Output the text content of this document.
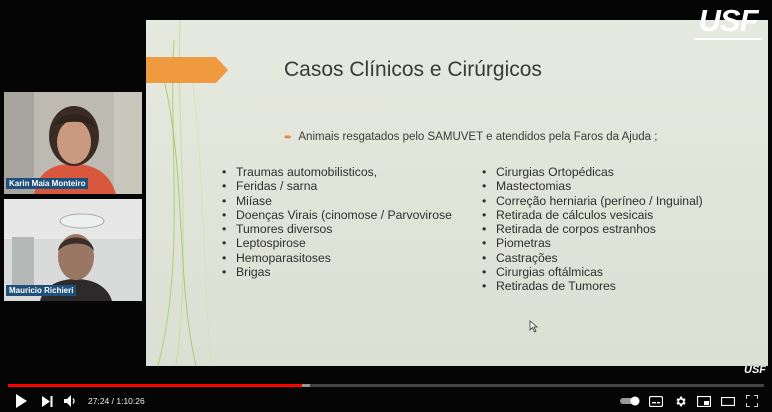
Casos Clínicos e Cirúrgicos
➨ Animais resgatados pelo SAMUVET e atendidos pela Faros da Ajuda ;
• Traumas automobilisticos,
• Feridas / sarna
• Miíase
• Doenças Virais (cinomose / Parvovirose
• Tumores diversos
• Leptospirose
• Hemoparasitoses
• Brigas
• Cirurgias Ortopédicas
• Mastectomias
• Correção herniaria (períneo / Inguinal)
• Retirada de cálculos vesicais
• Retirada de corpos estranhos
• Piometras
• Castrações
• Cirurgias oftálmicas
• Retiradas de Tumores
USF
Karin Maia Monteiro
Mauricio Richieri
27:24 / 1:10:26
USF
